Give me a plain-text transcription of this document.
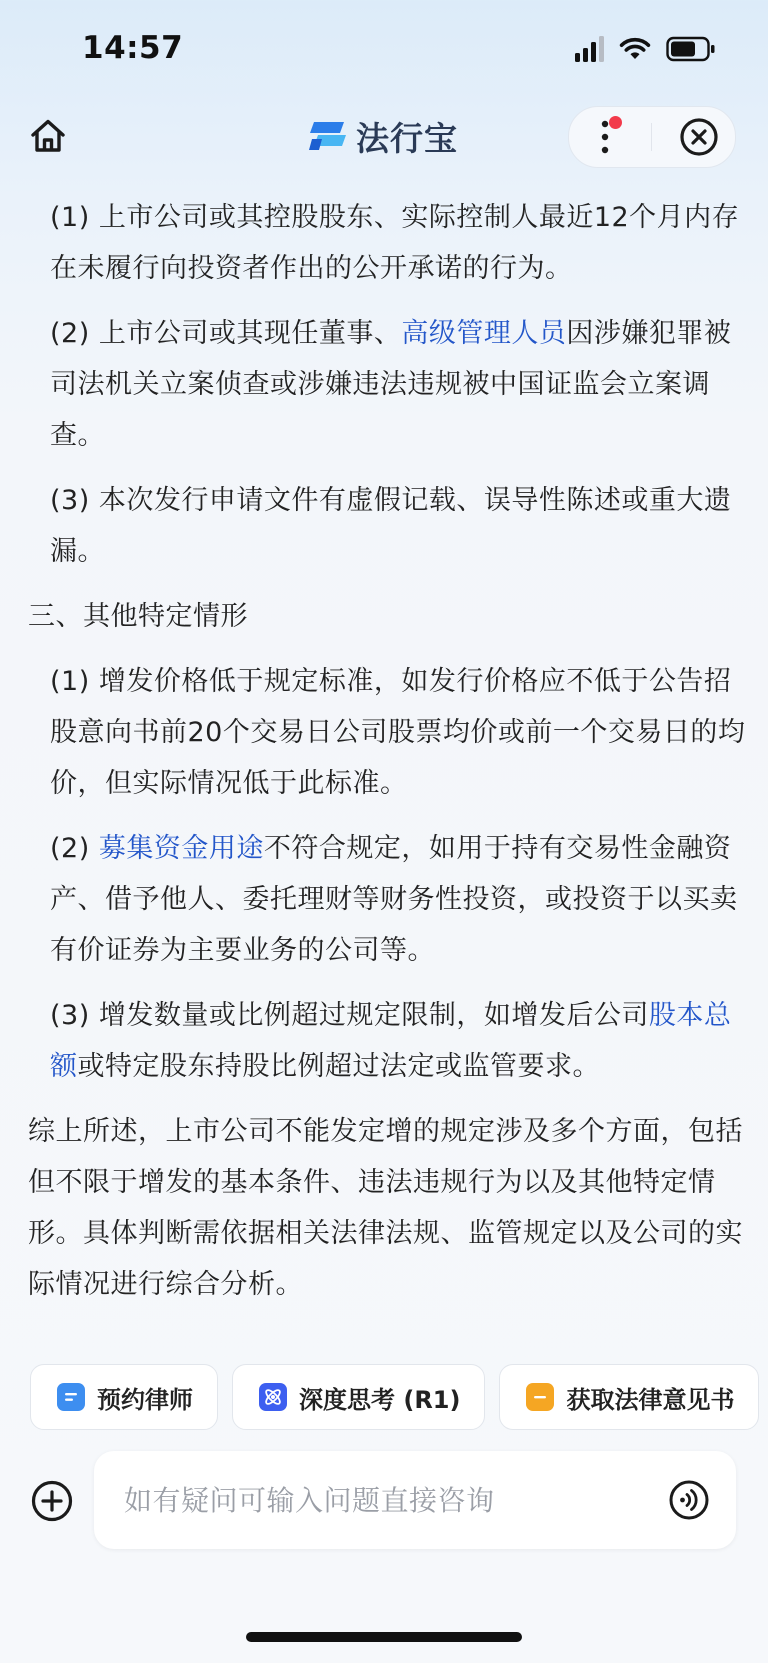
14:57
法行宝

(1) 上市公司或其控股股东、实际控制人最近12个月内存在未履行向投资者作出的公开承诺的行为。

(2) 上市公司或其现任董事、高级管理人员因涉嫌犯罪被司法机关立案侦查或涉嫌违法违规被中国证监会立案调查。

(3) 本次发行申请文件有虚假记载、误导性陈述或重大遗漏。

三、其他特定情形

(1) 增发价格低于规定标准，如发行价格应不低于公告招股意向书前20个交易日公司股票均价或前一个交易日的均价，但实际情况低于此标准。

(2) 募集资金用途不符合规定，如用于持有交易性金融资产、借予他人、委托理财等财务性投资，或投资于以买卖有价证券为主要业务的公司等。

(3) 增发数量或比例超过规定限制，如增发后公司股本总额或特定股东持股比例超过法定或监管要求。

综上所述，上市公司不能发定增的规定涉及多个方面，包括但不限于增发的基本条件、违法违规行为以及其他特定情形。具体判断需依据相关法律法规、监管规定以及公司的实际情况进行综合分析。

预约律师	深度思考 (R1)	获取法律意见书
如有疑问可输入问题直接咨询
